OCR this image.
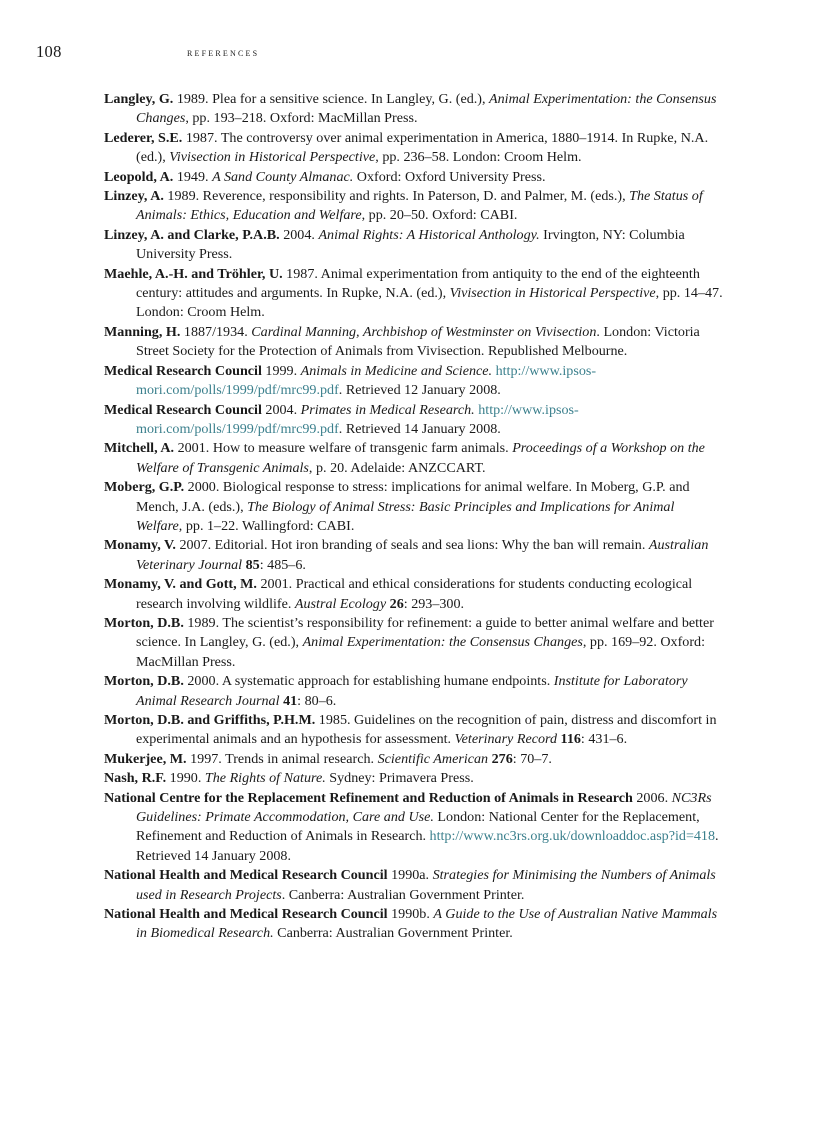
108	references

Langley, G. 1989. Plea for a sensitive science. In Langley, G. (ed.), Animal Experimentation: the Consensus Changes, pp. 193–218. Oxford: MacMillan Press.

Lederer, S.E. 1987. The controversy over animal experimentation in America, 1880–1914. In Rupke, N.A. (ed.), Vivisection in Historical Perspective, pp. 236–58. London: Croom Helm.

Leopold, A. 1949. A Sand County Almanac. Oxford: Oxford University Press.

Linzey, A. 1989. Reverence, responsibility and rights. In Paterson, D. and Palmer, M. (eds.), The Status of Animals: Ethics, Education and Welfare, pp. 20–50. Oxford: CABI.

Linzey, A. and Clarke, P.A.B. 2004. Animal Rights: A Historical Anthology. Irvington, NY: Columbia University Press.

Maehle, A.-H. and Tröhler, U. 1987. Animal experimentation from antiquity to the end of the eighteenth century: attitudes and arguments. In Rupke, N.A. (ed.), Vivisection in Historical Perspective, pp. 14–47. London: Croom Helm.

Manning, H. 1887/1934. Cardinal Manning, Archbishop of Westminster on Vivisection. London: Victoria Street Society for the Protection of Animals from Vivisection. Republished Melbourne.

Medical Research Council 1999. Animals in Medicine and Science. http://www.ipsos-mori.com/polls/1999/pdf/mrc99.pdf. Retrieved 12 January 2008.

Medical Research Council 2004. Primates in Medical Research. http://www.ipsos-mori.com/polls/1999/pdf/mrc99.pdf. Retrieved 14 January 2008.

Mitchell, A. 2001. How to measure welfare of transgenic farm animals. Proceedings of a Workshop on the Welfare of Transgenic Animals, p. 20. Adelaide: ANZCCART.

Moberg, G.P. 2000. Biological response to stress: implications for animal welfare. In Moberg, G.P. and Mench, J.A. (eds.), The Biology of Animal Stress: Basic Principles and Implications for Animal Welfare, pp. 1–22. Wallingford: CABI.

Monamy, V. 2007. Editorial. Hot iron branding of seals and sea lions: Why the ban will remain. Australian Veterinary Journal 85: 485–6.

Monamy, V. and Gott, M. 2001. Practical and ethical considerations for students conducting ecological research involving wildlife. Austral Ecology 26: 293–300.

Morton, D.B. 1989. The scientist’s responsibility for refinement: a guide to better animal welfare and better science. In Langley, G. (ed.), Animal Experimentation: the Consensus Changes, pp. 169–92. Oxford: MacMillan Press.

Morton, D.B. 2000. A systematic approach for establishing humane endpoints. Institute for Laboratory Animal Research Journal 41: 80–6.

Morton, D.B. and Griffiths, P.H.M. 1985. Guidelines on the recognition of pain, distress and discomfort in experimental animals and an hypothesis for assessment. Veterinary Record 116: 431–6.

Mukerjee, M. 1997. Trends in animal research. Scientific American 276: 70–7.

Nash, R.F. 1990. The Rights of Nature. Sydney: Primavera Press.

National Centre for the Replacement Refinement and Reduction of Animals in Research 2006. NC3Rs Guidelines: Primate Accommodation, Care and Use. London: National Center for the Replacement, Refinement and Reduction of Animals in Research. http://www.nc3rs.org.uk/downloaddoc.asp?id=418. Retrieved 14 January 2008.

National Health and Medical Research Council 1990a. Strategies for Minimising the Numbers of Animals used in Research Projects. Canberra: Australian Government Printer.

National Health and Medical Research Council 1990b. A Guide to the Use of Australian Native Mammals in Biomedical Research. Canberra: Australian Government Printer.
